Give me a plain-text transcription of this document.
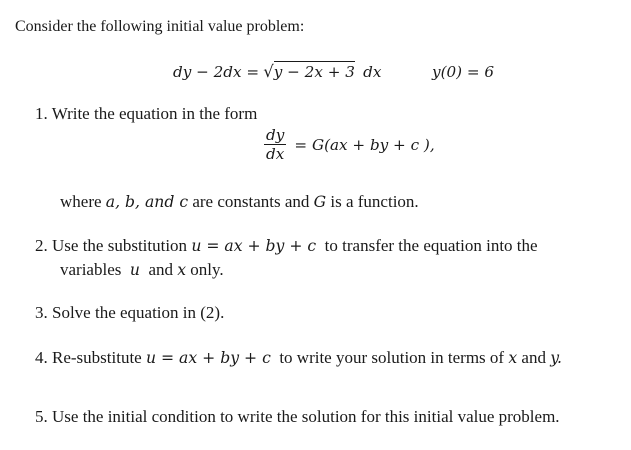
Consider the following initial value problem:
dy − 2dx = √y − 2x + 3 dx	y(0) = 6
1. Write the equation in the form
$\frac{dy}{dx} = G(ax$ + by + c ),
where a, b, and c are constants and G is a function.
2. Use the substitution u = ax + by + c to transfer the equation into the
variables u and x only.
3. Solve the equation in (2).
4. Re-substitute u = ax + by + c to write your solution in terms of x and y.
5. Use the initial condition to write the solution for this initial value problem.
